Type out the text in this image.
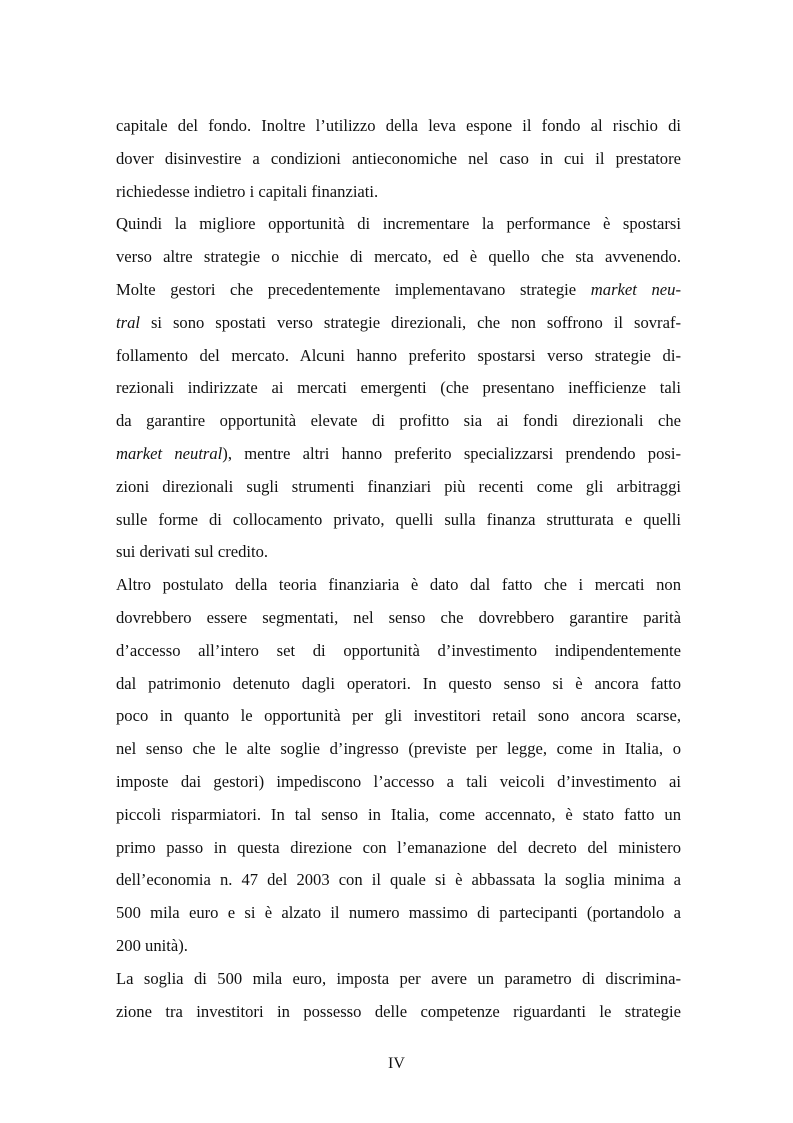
capitale del fondo. Inoltre l’utilizzo della leva espone il fondo al rischio di
dover disinvestire a condizioni antieconomiche nel caso in cui il prestatore
richiedesse indietro i capitali finanziati.
Quindi la migliore opportunità di incrementare la performance è spostarsi
verso altre strategie o nicchie di mercato, ed è quello che sta avvenendo.
Molte gestori che precedentemente implementavano strategie market neu-
tral si sono spostati verso strategie direzionali, che non soffrono il sovraf-
follamento del mercato. Alcuni hanno preferito spostarsi verso strategie di-
rezionali indirizzate ai mercati emergenti (che presentano inefficienze tali
da garantire opportunità elevate di profitto sia ai fondi direzionali che
market neutral), mentre altri hanno preferito specializzarsi prendendo posi-
zioni direzionali sugli strumenti finanziari più recenti come gli arbitraggi
sulle forme di collocamento privato, quelli sulla finanza strutturata e quelli
sui derivati sul credito.
Altro postulato della teoria finanziaria è dato dal fatto che i mercati non
dovrebbero essere segmentati, nel senso che dovrebbero garantire parità
d’accesso all’intero set di opportunità d’investimento indipendentemente
dal patrimonio detenuto dagli operatori. In questo senso si è ancora fatto
poco in quanto le opportunità per gli investitori retail sono ancora scarse,
nel senso che le alte soglie d’ingresso (previste per legge, come in Italia, o
imposte dai gestori) impediscono l’accesso a tali veicoli d’investimento ai
piccoli risparmiatori. In tal senso in Italia, come accennato, è stato fatto un
primo passo in questa direzione con l’emanazione del decreto del ministero
dell’economia n. 47 del 2003 con il quale si è abbassata la soglia minima a
500 mila euro e si è alzato il numero massimo di partecipanti (portandolo a
200 unità).
La soglia di 500 mila euro, imposta per avere un parametro di discrimina-
zione tra investitori in possesso delle competenze riguardanti le strategie
IV
